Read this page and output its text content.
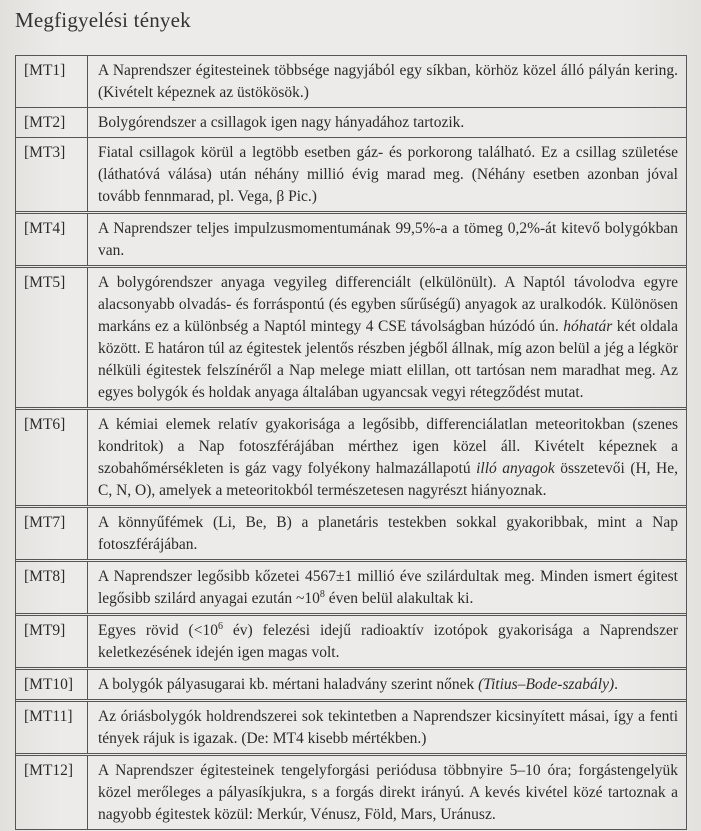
Megfigyelési tények
[MT1]	A Naprendszer égitesteinek többsége nagyjából egy síkban, körhöz közel álló pályán kering. (Kivételt képeznek az üstökösök.)
[MT2]	Bolygórendszer a csillagok igen nagy hányadához tartozik.
[MT3]	Fiatal csillagok körül a legtöbb esetben gáz- és porkorong található. Ez a csillag születése (láthatóvá válása) után néhány millió évig marad meg. (Néhány esetben azonban jóval tovább fennmarad, pl. Vega, β Pic.)
[MT4]	A Naprendszer teljes impulzusmomentumának 99,5%-a a tömeg 0,2%-át kitevő bolygókban van.
[MT5]	A bolygórendszer anyaga vegyileg differenciált (elkülönült). A Naptól távolodva egyre alacsonyabb olvadás- és forráspontú (és egyben sűrűségű) anyagok az uralkodók. Különösen markáns ez a különbség a Naptól mintegy 4 CSE távolságban húzódó ún. hóhatár két oldala között. E határon túl az égitestek jelentős részben jégből állnak, míg azon belül a jég a légkör nélküli égitestek felszínéről a Nap melege miatt elillan, ott tartósan nem maradhat meg. Az egyes bolygók és holdak anyaga általában ugyancsak vegyi rétegződést mutat.
[MT6]	A kémiai elemek relatív gyakorisága a legősibb, differenciálatlan meteoritokban (szenes kondritok) a Nap fotoszférájában mérthez igen közel áll. Kivételt képeznek a szobahőmérsékleten is gáz vagy folyékony halmazállapotú illó anyagok összetevői (H, He, C, N, O), amelyek a meteoritokból természetesen nagyrészt hiányoznak.
[MT7]	A könnyűfémek (Li, Be, B) a planetáris testekben sokkal gyakoribbak, mint a Nap fotoszférájában.
[MT8]	A Naprendszer legősibb kőzetei 4567±1 millió éve szilárdultak meg. Minden ismert égitest legősibb szilárd anyagai ezután $\sim 10^8$ éven belül alakultak ki.
[MT9]	Egyes rövid ($<10^6$ év) felezési idejű radioaktív izotópok gyakorisága a Naprendszer keletkezésének idején igen magas volt.
[MT10]	A bolygók pályasugarai kb. mértani haladvány szerint nőnek (Titius–Bode-szabály).
[MT11]	Az óriásbolygók holdrendszerei sok tekintetben a Naprendszer kicsinyített másai, így a fenti tények rájuk is igazak. (De: MT4 kisebb mértékben.)
[MT12]	A Naprendszer égitesteinek tengelyforgási periódusa többnyire 5–10 óra; forgástengelyük közel merőleges a pályasíkjukra, s a forgás direkt irányú. A kevés kivétel közé tartoznak a nagyobb égitestek közül: Merkúr, Vénusz, Föld, Mars, Uránusz.
